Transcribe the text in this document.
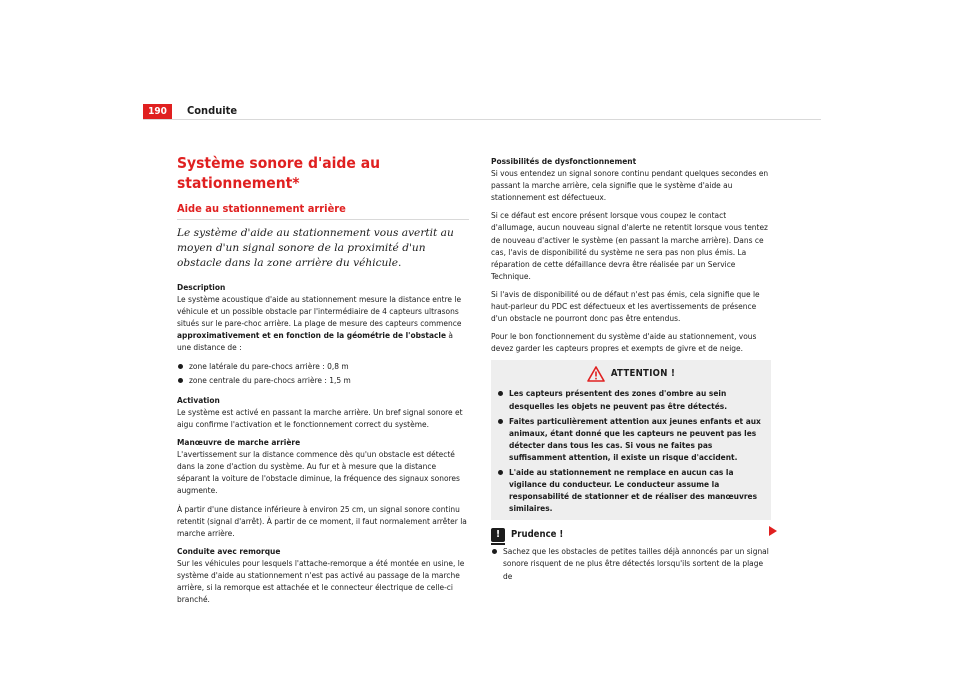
190	Conduite
Système sonore d'aide au stationnement*
Aide au stationnement arrière
Le système d'aide au stationnement vous avertit au moyen d'un signal sonore de la proximité d'un obstacle dans la zone arrière du véhicule.
Description

Le système acoustique d'aide au stationnement mesure la distance entre le véhicule et un possible obstacle par l'intermédiaire de 4 capteurs ultrasons situés sur le pare-choc arrière. La plage de mesure des capteurs commence approximativement et en fonction de la géométrie de l'obstacle à une distance de :

zone latérale du pare-chocs arrière : 0,8 m
zone centrale du pare-chocs arrière : 1,5 m
Activation

Le système est activé en passant la marche arrière. Un bref signal sonore et aigu confirme l'activation et le fonctionnement correct du système.

Manœuvre de marche arrière

L'avertissement sur la distance commence dès qu'un obstacle est détecté dans la zone d'action du système. Au fur et à mesure que la distance séparant la voiture de l'obstacle diminue, la fréquence des signaux sonores augmente.

À partir d'une distance inférieure à environ 25 cm, un signal sonore continu retentit (signal d'arrêt). À partir de ce moment, il faut normalement arrêter la marche arrière.

Conduite avec remorque

Sur les véhicules pour lesquels l'attache-remorque a été montée en usine, le système d'aide au stationnement n'est pas activé au passage de la marche arrière, si la remorque est attachée et le connecteur électrique de celle-ci branché.

Possibilités de dysfonctionnement

Si vous entendez un signal sonore continu pendant quelques secondes en passant la marche arrière, cela signifie que le système d'aide au stationnement est défectueux.

Si ce défaut est encore présent lorsque vous coupez le contact d'allumage, aucun nouveau signal d'alerte ne retentit lorsque vous tentez de nouveau d'activer le système (en passant la marche arrière). Dans ce cas, l'avis de disponibilité du système ne sera pas non plus émis. La réparation de cette défaillance devra être réalisée par un Service Technique.

Si l'avis de disponibilité ou de défaut n'est pas émis, cela signifie que le haut-parleur du PDC est défectueux et les avertissements de présence d'un obstacle ne pourront donc pas être entendus.

Pour le bon fonctionnement du système d'aide au stationnement, vous devez garder les capteurs propres et exempts de givre et de neige.

ATTENTION !
Les capteurs présentent des zones d'ombre au sein desquelles les objets ne peuvent pas être détectés.
Faites particulièrement attention aux jeunes enfants et aux animaux, étant donné que les capteurs ne peuvent pas les détecter dans tous les cas. Si vous ne faites pas suffisamment attention, il existe un risque d'accident.
L'aide au stationnement ne remplace en aucun cas la vigilance du conducteur. Le conducteur assume la responsabilité de stationner et de réaliser des manœuvres similaires.
!	Prudence !
Sachez que les obstacles de petites tailles déjà annoncés par un signal sonore risquent de ne plus être détectés lorsqu'ils sortent de la plage de
